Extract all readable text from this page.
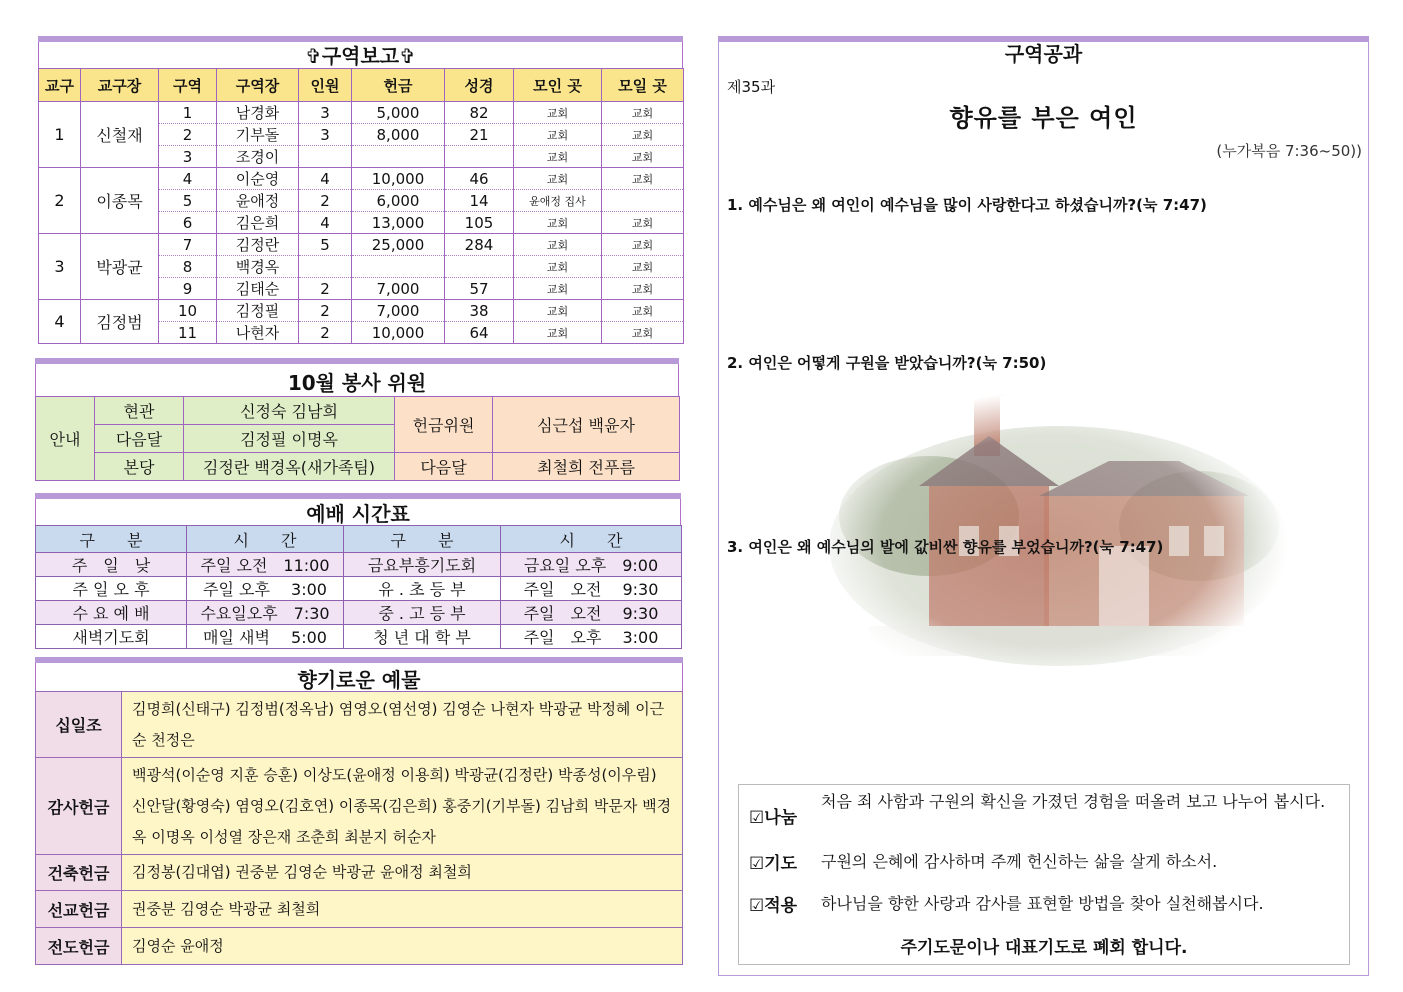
✞구역보고✞
교구	교구장	구역	구역장	인원	헌금	성경	모인 곳	모일 곳
1	신철재	1	남경화	3	5,000	82	교회	교회
		2	기부돌	3	8,000	21	교회	교회
		3	조경이				교회	교회
2	이종목	4	이순영	4	10,000	46	교회	교회
		5	윤애정	2	6,000	14	윤애정 집사	
		6	김은희	4	13,000	105	교회	교회
3	박광균	7	김정란	5	25,000	284	교회	교회
		8	백경옥				교회	교회
		9	김태순	2	7,000	57	교회	교회
4	김정범	10	김정필	2	7,000	38	교회	교회
		11	나현자	2	10,000	64	교회	교회
10월 봉사 위원
안내	현관	신정숙 김남희	헌금위원	심근섭 백윤자
	다음달	김정필 이명옥		
	본당	김정란 백경옥(새가족팀)	다음달	최철희 전푸름
예배 시간표
구　　분	시　　간	구　　분	시　　간
주　일　낮	주일 오전　11:00	금요부흥기도회	금요일 오후　9:00
주 일 오 후	주일 오후　 3:00	유 . 초 등 부	주일　오전　 9:30
수 요 예 배	수요일오후　7:30	중 . 고 등 부	주일　오전　 9:30
새벽기도회	매일 새벽　 5:00	청 년 대 학 부	주일　오후　 3:00
향기로운 예물
십일조	김명희(신태구) 김정범(정옥남) 염영오(염선영) 김영순 나현자 박광균 박정혜 이근순 천정은
감사헌금	백광석(이순영 지훈 승훈) 이상도(윤애정 이용희) 박광균(김정란) 박종성(이우림) 신안달(황영숙) 염영오(김호연) 이종목(김은희) 홍중기(기부돌) 김남희 박문자 백경옥 이명옥 이성열 장은재 조춘희 최분지 허순자
건축헌금	김정봉(김대엽) 권중분 김영순 박광균 윤애정 최철희
선교헌금	권중분 김영순 박광균 최철희
전도헌금	김영순 윤애정
구역공과
제35과
향유를 부은 여인
(누가복음 7:36~50))
1. 예수님은 왜 여인이 예수님을 많이 사랑한다고 하셨습니까?(눅 7:47)
2. 여인은 어떻게 구원을 받았습니까?(눅 7:50)
3. 여인은 왜 예수님의 발에 값비싼 향유를 부었습니까?(눅 7:47)
☑나눔
처음 죄 사함과 구원의 확신을 가졌던 경험을 떠올려 보고 나누어 봅시다.
☑기도 구원의 은혜에 감사하며 주께 헌신하는 삶을 살게 하소서.
☑적용 하나님을 향한 사랑과 감사를 표현할 방법을 찾아 실천해봅시다.
주기도문이나 대표기도로 폐회 합니다.
